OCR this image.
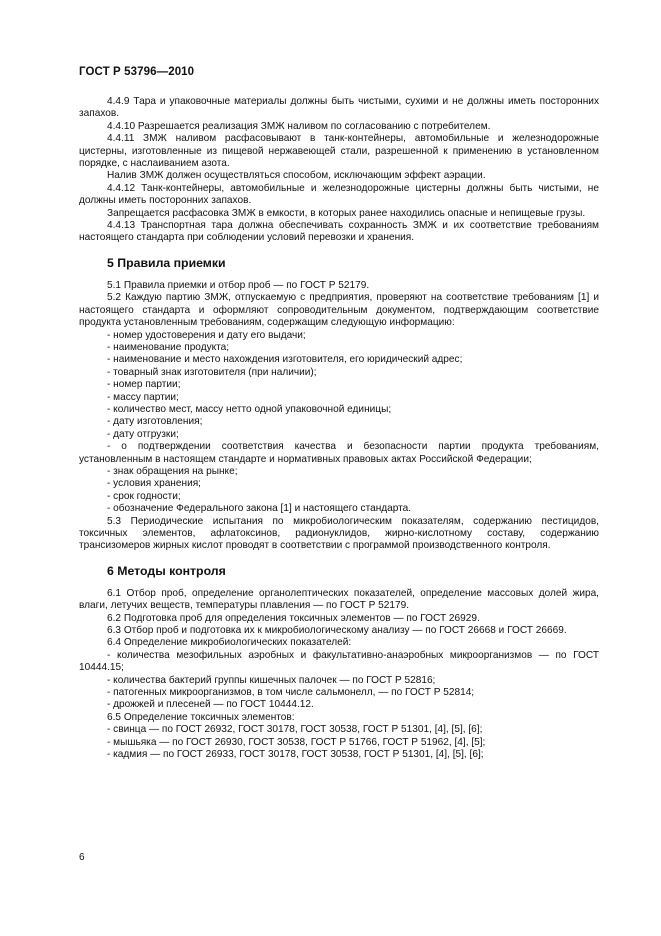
ГОСТ Р 53796—2010

4.4.9 Тара и упаковочные материалы должны быть чистыми, сухими и не должны иметь посторонних запахов.

4.4.10 Разрешается реализация ЗМЖ наливом по согласованию с потребителем.

4.4.11 ЗМЖ наливом расфасовывают в танк-контейнеры, автомобильные и железнодорожные цистерны, изготовленные из пищевой нержавеющей стали, разрешенной к применению в установленном порядке, с наслаиванием азота.

Налив ЗМЖ должен осуществляться способом, исключающим эффект аэрации.

4.4.12 Танк-контейнеры, автомобильные и железнодорожные цистерны должны быть чистыми, не должны иметь посторонних запахов.

Запрещается расфасовка ЗМЖ в емкости, в которых ранее находились опасные и непищевые грузы.

4.4.13 Транспортная тара должна обеспечивать сохранность ЗМЖ и их соответствие требованиям настоящего стандарта при соблюдении условий перевозки и хранения.

5 Правила приемки

5.1 Правила приемки и отбор проб — по ГОСТ Р 52179.

5.2 Каждую партию ЗМЖ, отпускаемую с предприятия, проверяют на соответствие требованиям [1] и настоящего стандарта и оформляют сопроводительным документом, подтверждающим соответствие продукта установленным требованиям, содержащим следующую информацию:

- номер удостоверения и дату его выдачи;

- наименование продукта;

- наименование и место нахождения изготовителя, его юридический адрес;

- товарный знак изготовителя (при наличии);

- номер партии;

- массу партии;

- количество мест, массу нетто одной упаковочной единицы;

- дату изготовления;

- дату отгрузки;

- о подтверждении соответствия качества и безопасности партии продукта требованиям, установленным в настоящем стандарте и нормативных правовых актах Российской Федерации;

- знак обращения на рынке;

- условия хранения;

- срок годности;

- обозначение Федерального закона [1] и настоящего стандарта.

5.3 Периодические испытания по микробиологическим показателям, содержанию пестицидов, токсичных элементов, афлатоксинов, радионуклидов, жирно-кислотному составу, содержанию трансизомеров жирных кислот проводят в соответствии с программой производственного контроля.

6 Методы контроля

6.1 Отбор проб, определение органолептических показателей, определение массовых долей жира, влаги, летучих веществ, температуры плавления — по ГОСТ Р 52179.

6.2 Подготовка проб для определения токсичных элементов — по ГОСТ 26929.

6.3 Отбор проб и подготовка их к микробиологическому анализу — по ГОСТ 26668 и ГОСТ 26669.

6.4 Определение микробиологических показателей:

- количества мезофильных аэробных и факультативно-анаэробных микроорганизмов — по ГОСТ 10444.15;

- количества бактерий группы кишечных палочек — по ГОСТ Р 52816;

- патогенных микроорганизмов, в том числе сальмонелл, — по ГОСТ Р 52814;

- дрожжей и плесеней — по ГОСТ 10444.12.

6.5 Определение токсичных элементов:

- свинца — по ГОСТ 26932, ГОСТ 30178, ГОСТ 30538, ГОСТ Р 51301, [4], [5], [6];

- мышьяка — по ГОСТ 26930, ГОСТ 30538, ГОСТ Р 51766, ГОСТ Р 51962, [4], [5];

- кадмия — по ГОСТ 26933, ГОСТ 30178, ГОСТ 30538, ГОСТ Р 51301, [4], [5], [6];

6
